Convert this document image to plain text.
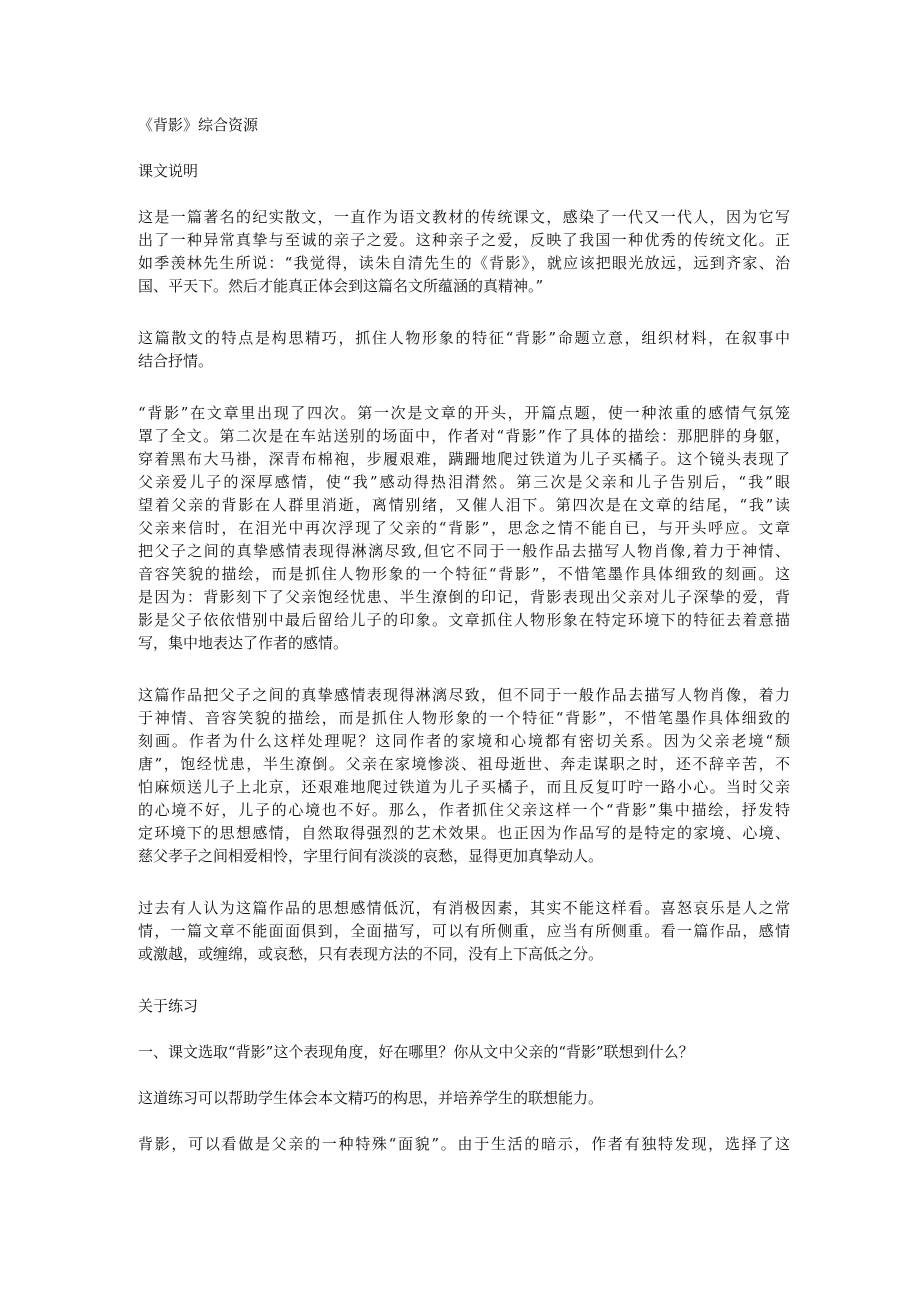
《背影》综合资源
课文说明
这是一篇著名的纪实散文，一直作为语文教材的传统课文，感染了一代又一代人，因为它写
出了一种异常真挚与至诚的亲子之爱。这种亲子之爱，反映了我国一种优秀的传统文化。正
如季羡林先生所说：“我觉得，读朱自清先生的《背影》，就应该把眼光放远，远到齐家、治
国、平天下。然后才能真正体会到这篇名文所蕴涵的真精神。”
这篇散文的特点是构思精巧，抓住人物形象的特征“背影”命题立意，组织材料，在叙事中
结合抒情。
“背影”在文章里出现了四次。第一次是文章的开头，开篇点题，使一种浓重的感情气氛笼
罩了全文。第二次是在车站送别的场面中，作者对“背影”作了具体的描绘：那肥胖的身躯，
穿着黑布大马褂，深青布棉袍，步履艰难，蹒跚地爬过铁道为儿子买橘子。这个镜头表现了
父亲爱儿子的深厚感情，使“我”感动得热泪潸然。第三次是父亲和儿子告别后，“我”眼
望着父亲的背影在人群里消逝，离情别绪，又催人泪下。第四次是在文章的结尾，“我”读
父亲来信时，在泪光中再次浮现了父亲的“背影”，思念之情不能自已，与开头呼应。文章
把父子之间的真挚感情表现得淋漓尽致,但它不同于一般作品去描写人物肖像,着力于神情、
音容笑貌的描绘，而是抓住人物形象的一个特征“背影”，不惜笔墨作具体细致的刻画。这
是因为：背影刻下了父亲饱经忧患、半生潦倒的印记，背影表现出父亲对儿子深挚的爱，背
影是父子依依惜别中最后留给儿子的印象。文章抓住人物形象在特定环境下的特征去着意描
写，集中地表达了作者的感情。
这篇作品把父子之间的真挚感情表现得淋漓尽致，但不同于一般作品去描写人物肖像，着力
于神情、音容笑貌的描绘，而是抓住人物形象的一个特征“背影”，不惜笔墨作具体细致的
刻画。作者为什么这样处理呢？这同作者的家境和心境都有密切关系。因为父亲老境“颓
唐”，饱经忧患，半生潦倒。父亲在家境惨淡、祖母逝世、奔走谋职之时，还不辞辛苦，不
怕麻烦送儿子上北京，还艰难地爬过铁道为儿子买橘子，而且反复叮咛一路小心。当时父亲
的心境不好，儿子的心境也不好。那么，作者抓住父亲这样一个“背影”集中描绘，抒发特
定环境下的思想感情，自然取得强烈的艺术效果。也正因为作品写的是特定的家境、心境、
慈父孝子之间相爱相怜，字里行间有淡淡的哀愁，显得更加真挚动人。
过去有人认为这篇作品的思想感情低沉，有消极因素，其实不能这样看。喜怒哀乐是人之常
情，一篇文章不能面面俱到，全面描写，可以有所侧重，应当有所侧重。看一篇作品，感情
或激越，或缠绵，或哀愁，只有表现方法的不同，没有上下高低之分。
关于练习
一、课文选取“背影”这个表现角度，好在哪里？你从文中父亲的“背影”联想到什么？
这道练习可以帮助学生体会本文精巧的构思，并培养学生的联想能力。
背影，可以看做是父亲的一种特殊“面貌”。由于生活的暗示，作者有独特发现，选择了这
